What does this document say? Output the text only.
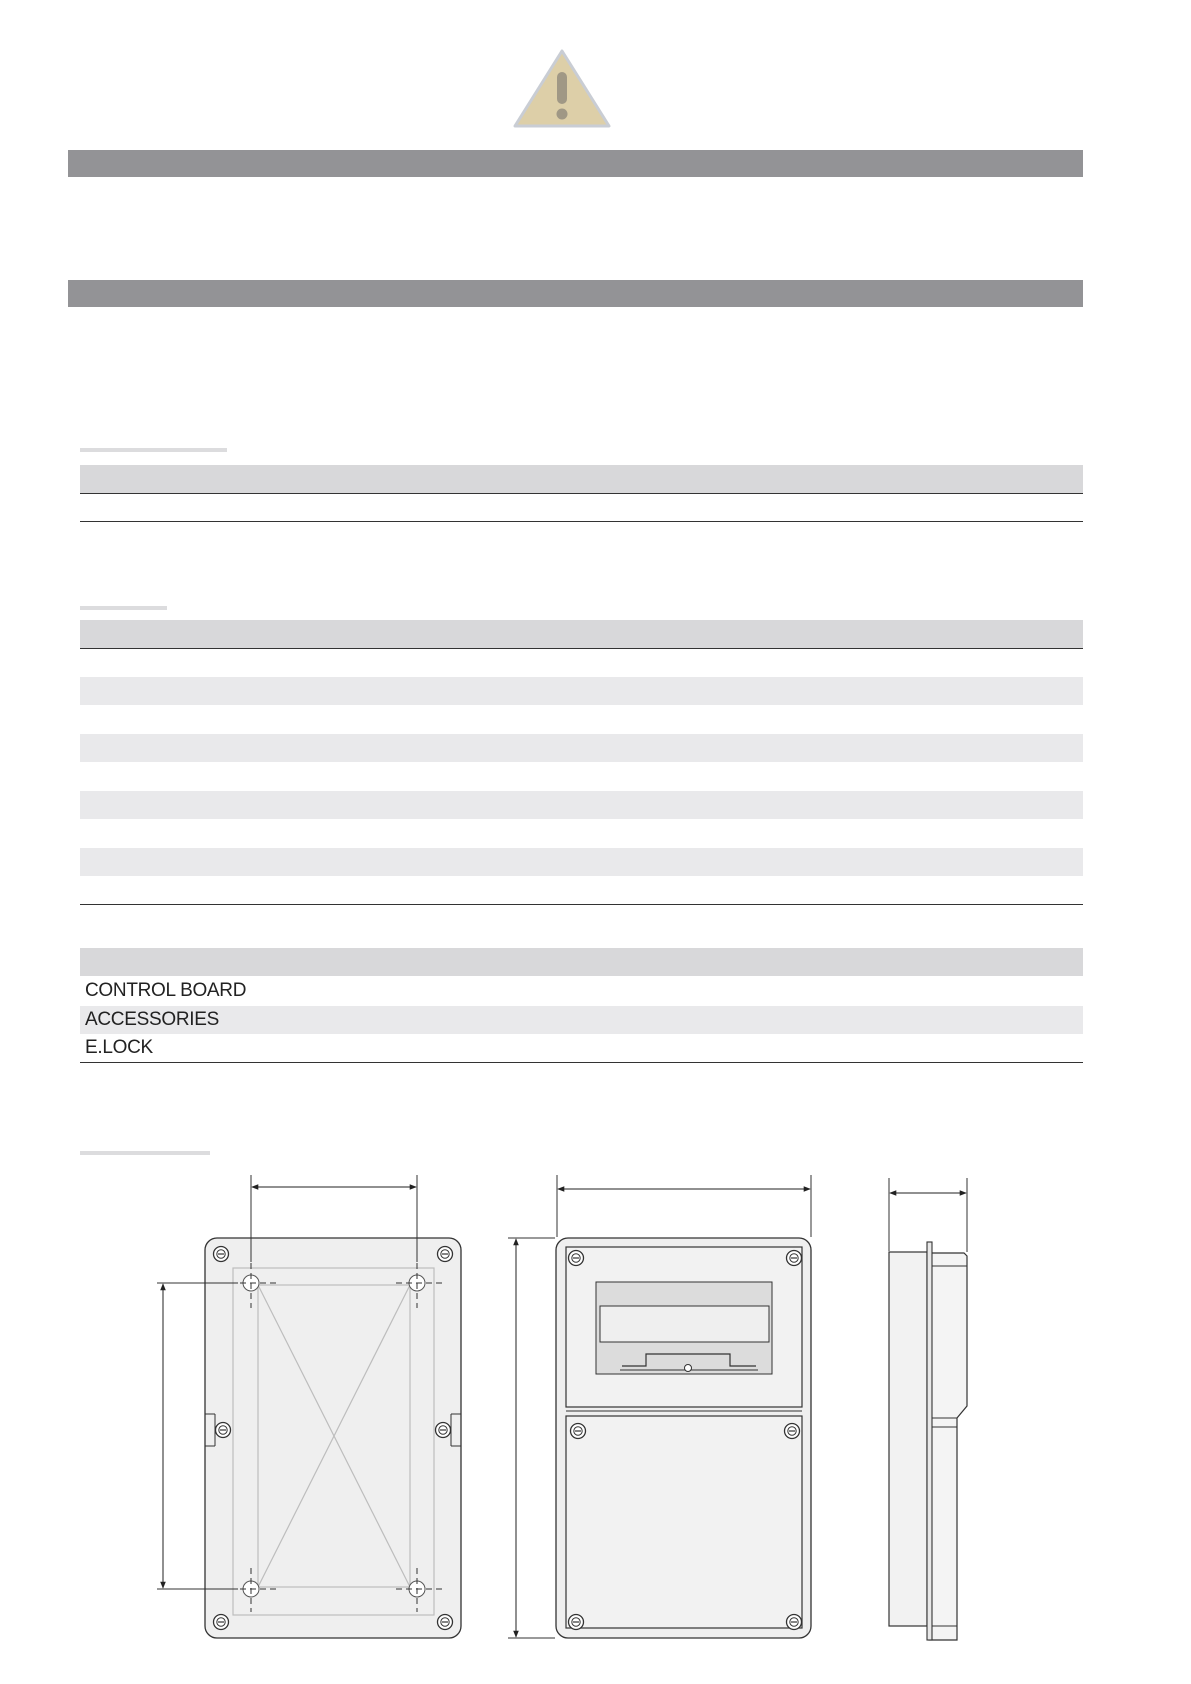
CONTROL BOARD
ACCESSORIES
E.LOCK
